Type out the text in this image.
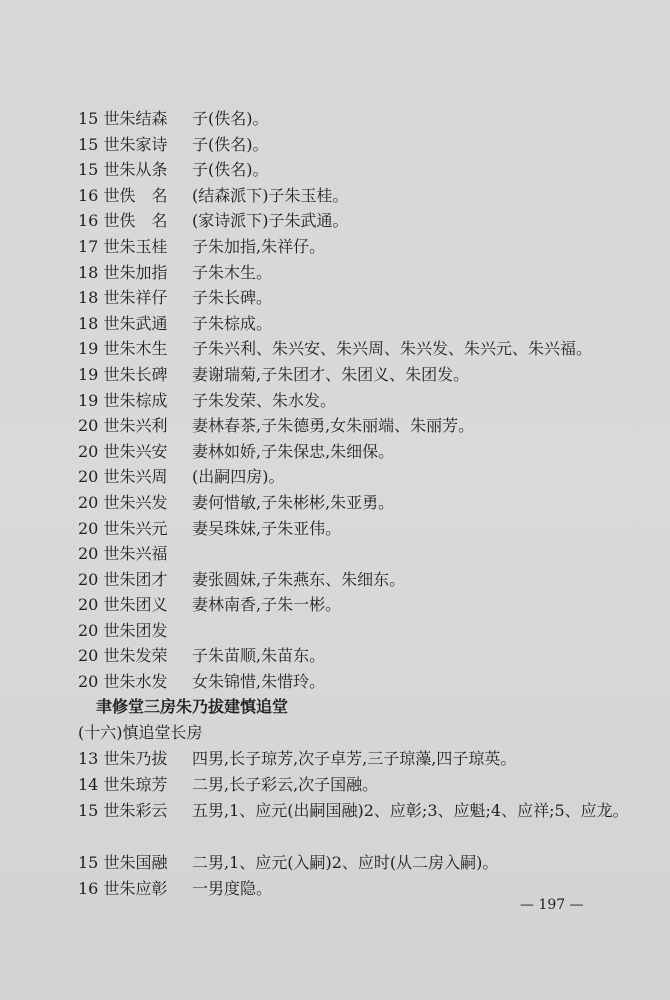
15 世朱结森 子(佚名)。
15 世朱家诗 子(佚名)。
15 世朱从条 子(佚名)。
16 世佚　名 (结森派下)子朱玉桂。
16 世佚　名 (家诗派下)子朱武通。
17 世朱玉桂 子朱加指,朱祥仔。
18 世朱加指 子朱木生。
18 世朱祥仔 子朱长碑。
18 世朱武通 子朱棕成。
19 世朱木生 子朱兴利、朱兴安、朱兴周、朱兴发、朱兴元、朱兴福。
19 世朱长碑 妻谢瑞菊,子朱团才、朱团义、朱团发。
19 世朱棕成 子朱发荣、朱水发。
20 世朱兴利 妻林春茶,子朱德勇,女朱丽端、朱丽芳。
20 世朱兴安 妻林如娇,子朱保忠,朱细保。
20 世朱兴周 (出嗣四房)。
20 世朱兴发 妻何惜敏,子朱彬彬,朱亚勇。
20 世朱兴元 妻吴珠妹,子朱亚伟。
20 世朱兴福
20 世朱团才 妻张圆妹,子朱燕东、朱细东。
20 世朱团义 妻林南香,子朱一彬。
20 世朱团发
20 世朱发荣 子朱苗顺,朱苗东。
20 世朱水发 女朱锦惜,朱惜玲。
聿修堂三房朱乃拔建慎追堂
(十六)慎追堂长房
13 世朱乃拔 四男,长子琼芳,次子卓芳,三子琼藻,四子琼英。
14 世朱琼芳 二男,长子彩云,次子国融。
15 世朱彩云 五男,1、应元(出嗣国融)2、应彰;3、应魁;4、应祥;5、应龙。
15 世朱国融 二男,1、应元(入嗣)2、应时(从二房入嗣)。
16 世朱应彰 一男度隐。
— 197 —
